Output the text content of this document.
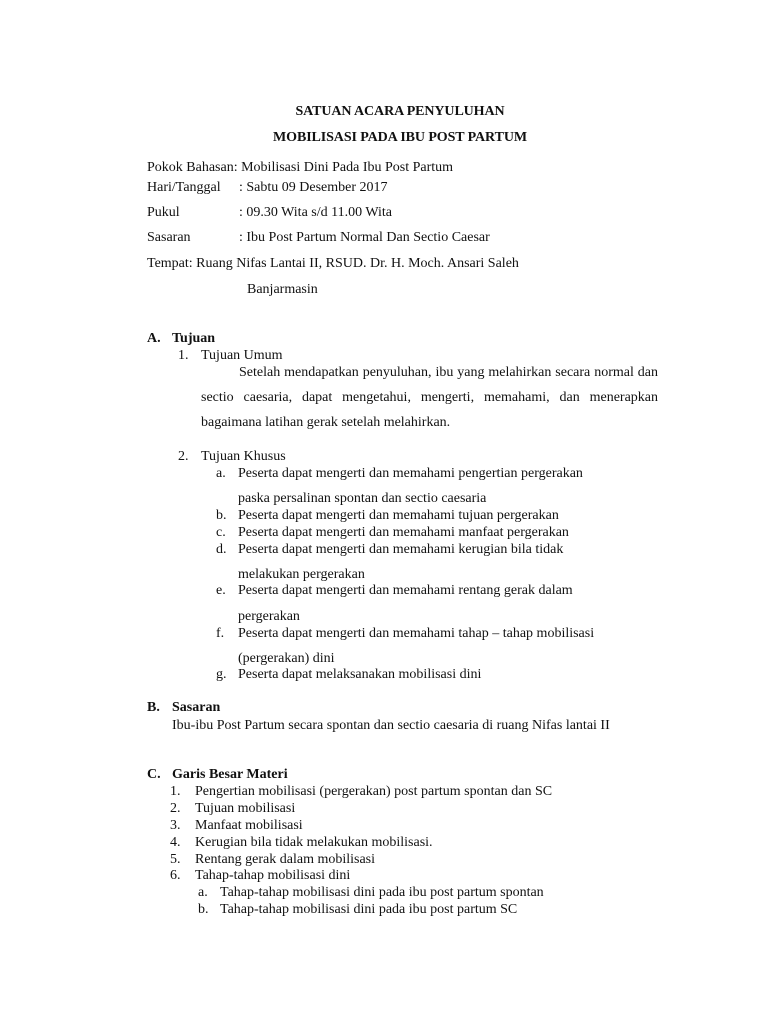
SATUAN ACARA PENYULUHAN
MOBILISASI PADA IBU POST PARTUM
Pokok Bahasan: Mobilisasi Dini Pada Ibu Post Partum
Hari/Tanggal : Sabtu 09 Desember 2017
Pukul	: 09.30 Wita s/d 11.00 Wita
Sasaran	: Ibu Post Partum Normal Dan Sectio Caesar
Tempat: Ruang Nifas Lantai II, RSUD. Dr. H. Moch. Ansari Saleh
Banjarmasin
A. Tujuan
1. Tujuan Umum
Setelah mendapatkan penyuluhan, ibu yang melahirkan secara normal dan sectio caesaria, dapat mengetahui, mengerti, memahami, dan menerapkan bagaimana latihan gerak setelah melahirkan.
2. Tujuan Khusus
a. Peserta dapat mengerti dan memahami pengertian pergerakan
paska persalinan spontan dan sectio caesaria
b. Peserta dapat mengerti dan memahami tujuan pergerakan
c. Peserta dapat mengerti dan memahami manfaat pergerakan
d. Peserta dapat mengerti dan memahami kerugian bila tidak
melakukan pergerakan
e. Peserta dapat mengerti dan memahami rentang gerak dalam
pergerakan
f. Peserta dapat mengerti dan memahami tahap – tahap mobilisasi
(pergerakan) dini
g. Peserta dapat melaksanakan mobilisasi dini
B. Sasaran
Ibu-ibu Post Partum secara spontan dan sectio caesaria di ruang Nifas lantai II
C. Garis Besar Materi
1. Pengertian mobilisasi (pergerakan) post partum spontan dan SC
2. Tujuan mobilisasi
3. Manfaat mobilisasi
4. Kerugian bila tidak melakukan mobilisasi.
5. Rentang gerak dalam mobilisasi
6. Tahap-tahap mobilisasi dini
a. Tahap-tahap mobilisasi dini pada ibu post partum spontan
b. Tahap-tahap mobilisasi dini pada ibu post partum SC
